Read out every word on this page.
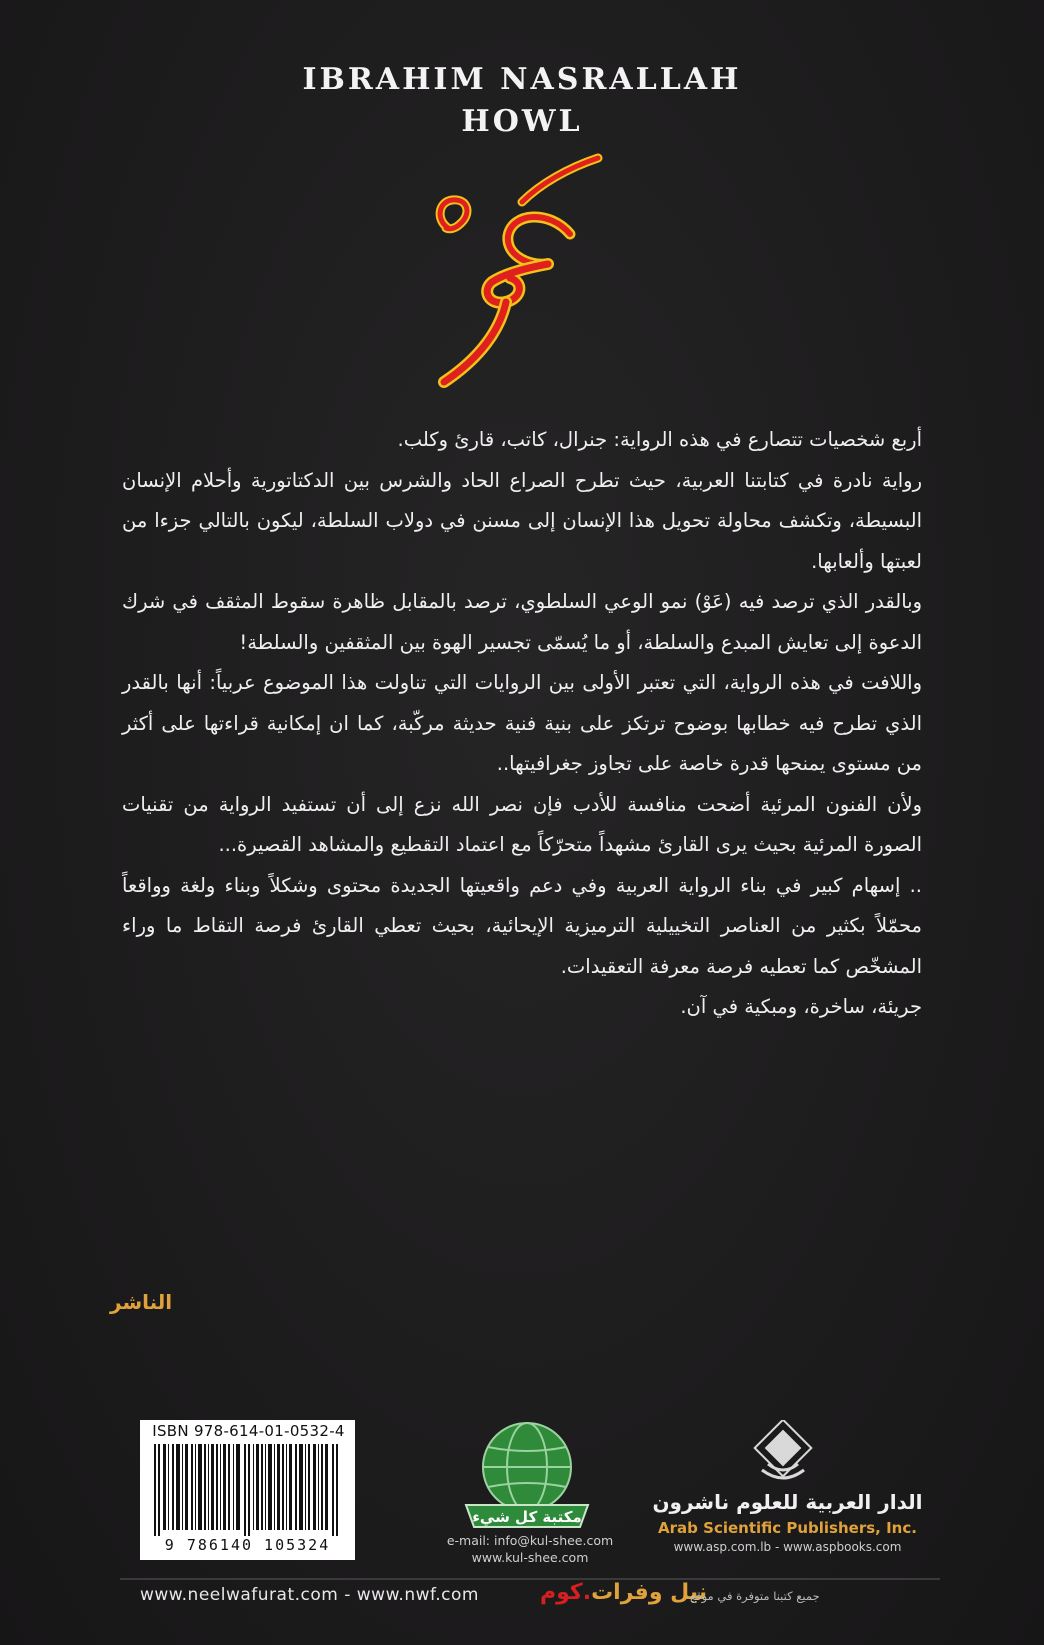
IBRAHIM NASRALLAH
HOWL

أربع شخصيات تتصارع في هذه الرواية: جنرال، كاتب، قارئ وكلب.

رواية نادرة في كتابتنا العربية، حيث تطرح الصراع الحاد والشرس بين الدكتاتورية وأحلام الإنسان البسيطة، وتكشف محاولة تحويل هذا الإنسان إلى مسنن في دولاب السلطة، ليكون بالتالي جزءا من لعبتها وألعابها.

وبالقدر الذي ترصد فيه (عَوْ) نمو الوعي السلطوي، ترصد بالمقابل ظاهرة سقوط المثقف في شرك الدعوة إلى تعايش المبدع والسلطة، أو ما يُسمّى تجسير الهوة بين المثقفين والسلطة!

واللافت في هذه الرواية، التي تعتبر الأولى بين الروايات التي تناولت هذا الموضوع عربياً: أنها بالقدر الذي تطرح فيه خطابها بوضوح ترتكز على بنية فنية حديثة مركّبة، كما ان إمكانية قراءتها على أكثر من مستوى يمنحها قدرة خاصة على تجاوز جغرافيتها..

ولأن الفنون المرئية أضحت منافسة للأدب فإن نصر الله نزع إلى أن تستفيد الرواية من تقنيات الصورة المرئية بحيث يرى القارئ مشهداً متحرّكاً مع اعتماد التقطيع والمشاهد القصيرة...

.. إسهام كبير في بناء الرواية العربية وفي دعم واقعيتها الجديدة محتوى وشكلاً وبناء ولغة وواقعاً محمّلاً بكثير من العناصر التخييلية الترميزية الإيحائية، بحيث تعطي القارئ فرصة التقاط ما وراء المشخّص كما تعطيه فرصة معرفة التعقيدات.

جريئة، ساخرة، ومبكية في آن.

الناشر
ISBN 978-614-01-0532-4
9 786140 105324
مكتبة كل شيء
e-mail: info@kul-shee.com
www.kul-shee.com
الدار العربية للعلوم ناشرون
Arab Scientific Publishers, Inc.
www.asp.com.lb - www.aspbooks.com
www.neelwafurat.com - www.nwf.com	نيل وفرات.كوم	جميع كتبنا متوفرة في موقع
